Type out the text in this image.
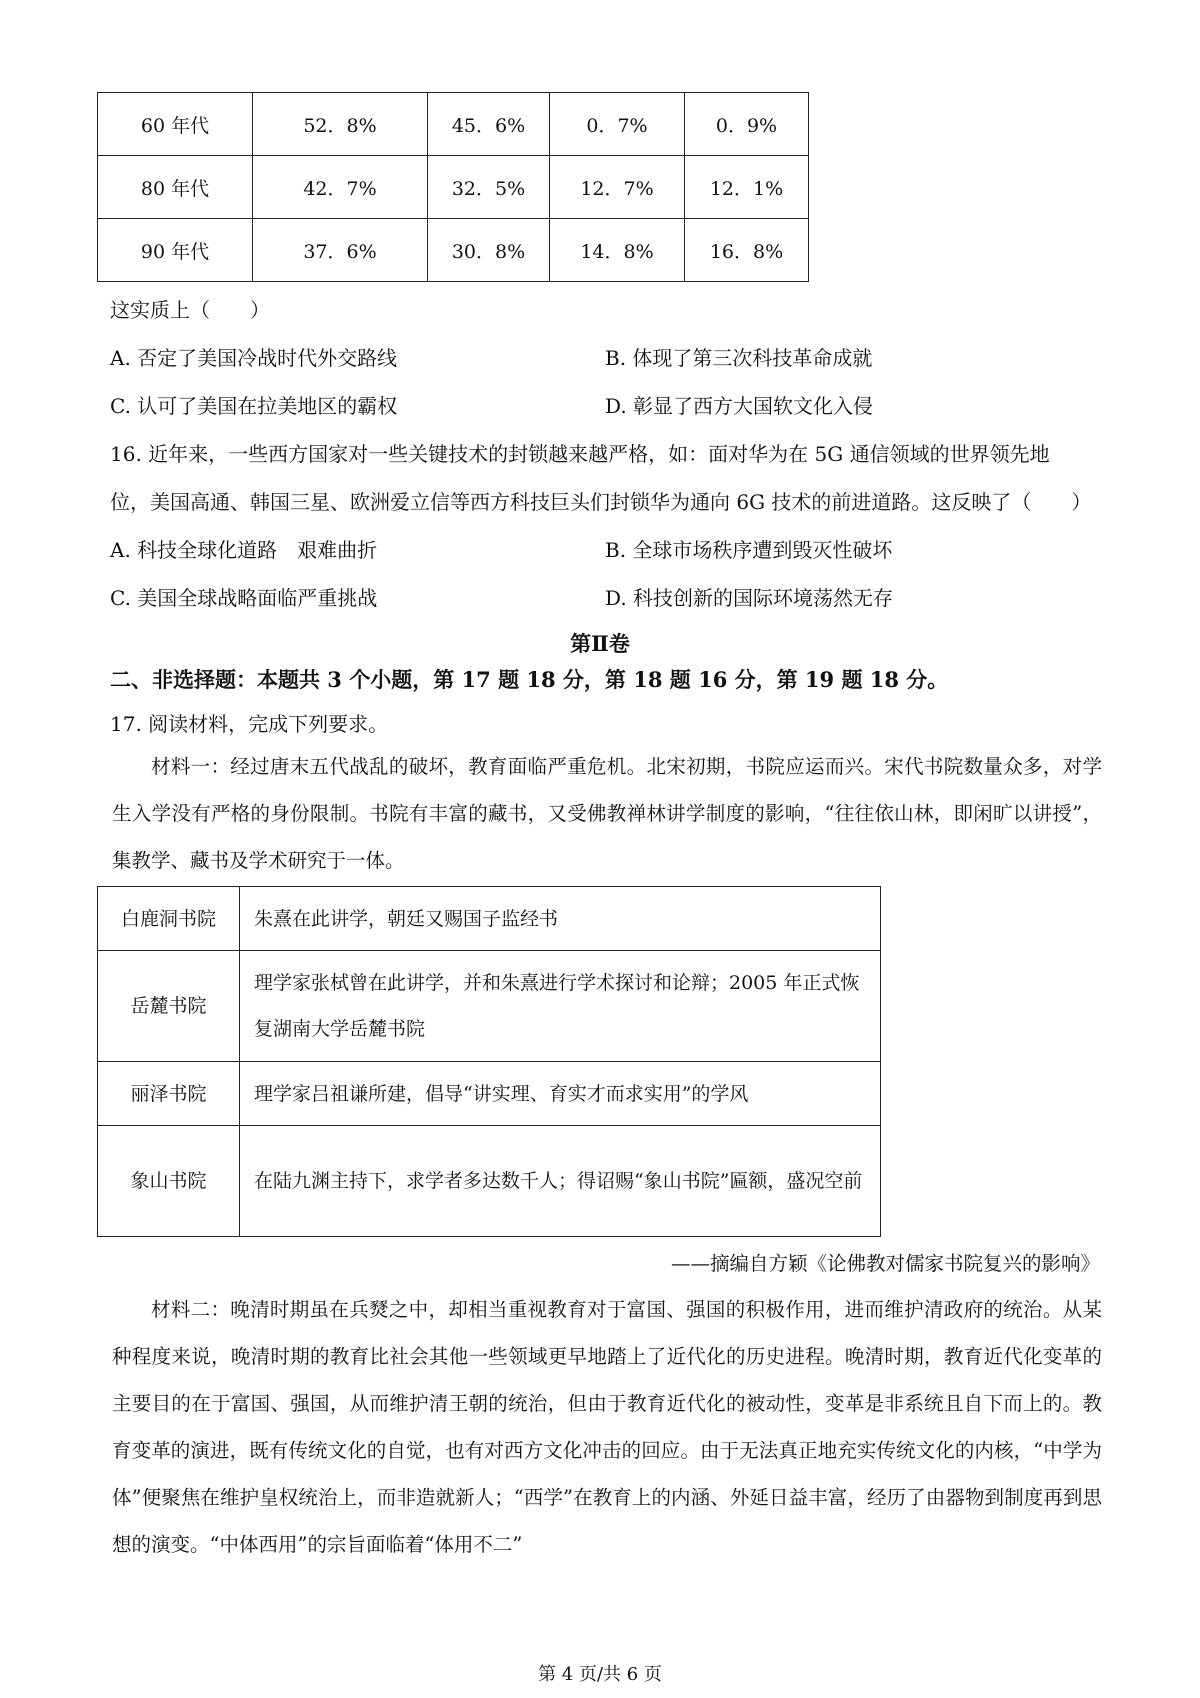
60 年代	52．8%	45．6%	0．7%	0．9%
80 年代	42．7%	32．5%	12．7%	12．1%
90 年代	37．6%	30．8%	14．8%	16．8%
这实质上（　　）
A. 否定了美国冷战时代外交路线	B. 体现了第三次科技革命成就
C. 认可了美国在拉美地区的霸权	D. 彰显了西方大国软文化入侵
16. 近年来，一些西方国家对一些关键技术的封锁越来越严格，如：面对华为在 5G 通信领域的世界领先地
位，美国高通、韩国三星、欧洲爱立信等西方科技巨头们封锁华为通向 6G 技术的前进道路。这反映了（　　）
A. 科技全球化道路　艰难曲折	B. 全球市场秩序遭到毁灭性破坏
C. 美国全球战略面临严重挑战	D. 科技创新的国际环境荡然无存
第Ⅱ卷
二、非选择题：本题共 3 个小题，第 17 题 18 分，第 18 题 16 分，第 19 题 18 分。
17. 阅读材料，完成下列要求。
材料一：经过唐末五代战乱的破坏，教育面临严重危机。北宋初期，书院应运而兴。宋代书院数量众多，对学生入学没有严格的身份限制。书院有丰富的藏书，又受佛教禅林讲学制度的影响，“往往依山林，即闲旷以讲授”，集教学、藏书及学术研究于一体。
白鹿洞书院	朱熹在此讲学，朝廷又赐国子监经书
岳麓书院	理学家张栻曾在此讲学，并和朱熹进行学术探讨和论辩；2005 年正式恢复湖南大学岳麓书院
丽泽书院	理学家吕祖谦所建，倡导“讲实理、育实才而求实用”的学风
象山书院	在陆九渊主持下，求学者多达数千人；得诏赐“象山书院”匾额，盛况空前
——摘编自方颖《论佛教对儒家书院复兴的影响》
材料二：晚清时期虽在兵燹之中，却相当重视教育对于富国、强国的积极作用，进而维护清政府的统治。从某种程度来说，晚清时期的教育比社会其他一些领域更早地踏上了近代化的历史进程。晚清时期，教育近代化变革的主要目的在于富国、强国，从而维护清王朝的统治，但由于教育近代化的被动性，变革是非系统且自下而上的。教育变革的演进，既有传统文化的自觉，也有对西方文化冲击的回应。由于无法真正地充实传统文化的内核，“中学为体”便聚焦在维护皇权统治上，而非造就新人；“西学”在教育上的内涵、外延日益丰富，经历了由器物到制度再到思想的演变。“中体西用”的宗旨面临着“体用不二”
第 4 页/共 6 页
